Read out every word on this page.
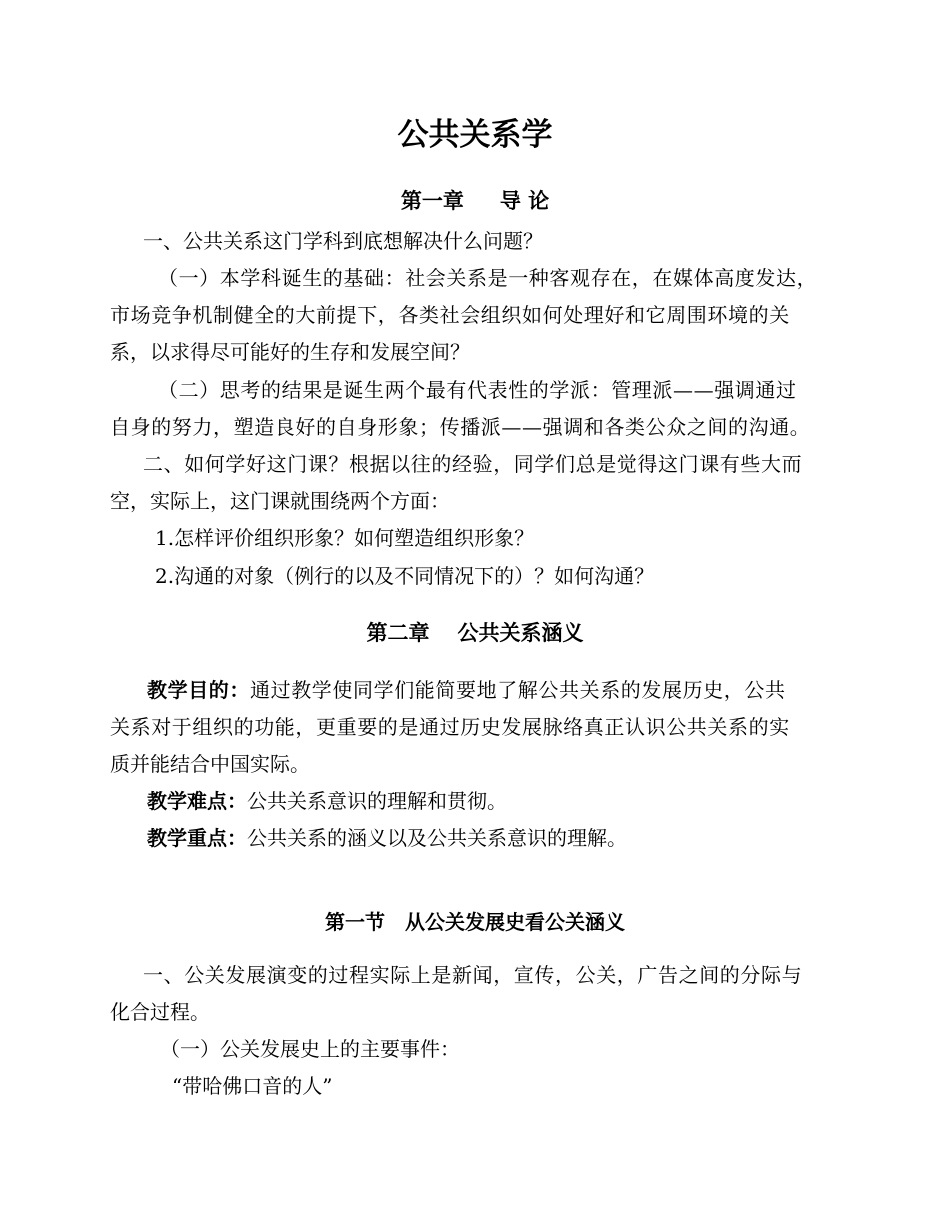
公共关系学
第一章 导 论
一、公共关系这门学科到底想解决什么问题？
（一）本学科诞生的基础：社会关系是一种客观存在，在媒体高度发达，
市场竞争机制健全的大前提下，各类社会组织如何处理好和它周围环境的关
系，以求得尽可能好的生存和发展空间？
（二）思考的结果是诞生两个最有代表性的学派：管理派——强调通过
自身的努力，塑造良好的自身形象；传播派——强调和各类公众之间的沟通。
二、如何学好这门课？根据以往的经验，同学们总是觉得这门课有些大而
空，实际上，这门课就围绕两个方面：
1.怎样评价组织形象？如何塑造组织形象？
2.沟通的对象（例行的以及不同情况下的）？如何沟通？
第二章 公共关系涵义
教学目的：通过教学使同学们能简要地了解公共关系的发展历史，公共
关系对于组织的功能，更重要的是通过历史发展脉络真正认识公共关系的实
质并能结合中国实际。
教学难点：公共关系意识的理解和贯彻。
教学重点：公共关系的涵义以及公共关系意识的理解。
第一节 从公关发展史看公关涵义
一、公关发展演变的过程实际上是新闻，宣传，公关，广告之间的分际与
化合过程。
（一）公关发展史上的主要事件：
“带哈佛口音的人”
